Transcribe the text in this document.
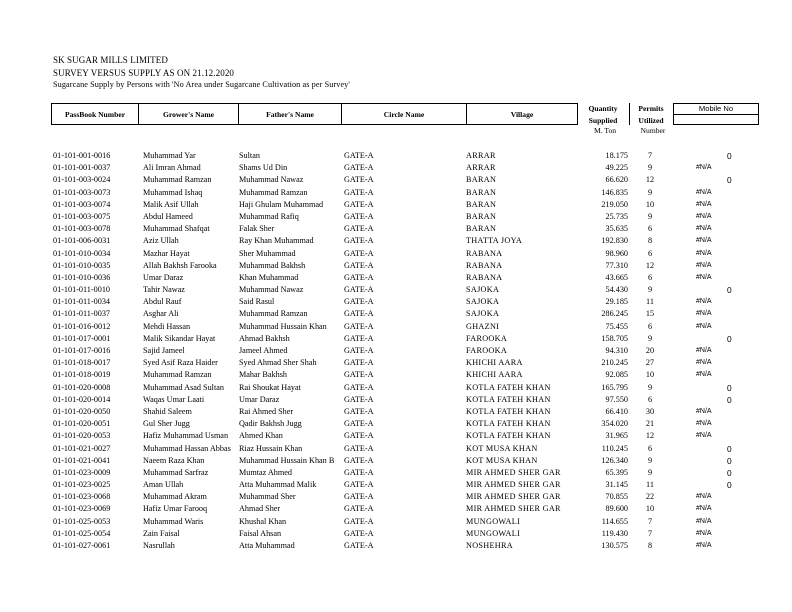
SK SUGAR MILLS LIMITED
SURVEY VERSUS SUPPLY AS ON 21.12.2020
Sugarcane Supply by Persons with 'No Area under Sugarcane Cultivation as per Survey'
PassBook Number	Grower's Name	Father's Name	Circle Name	Village
Quantity
Supplied
Permits
Utilized
Mobile No
M. Ton	Number
01-101-001-0016	Muhammad Yar	Sultan	GATE-A	ARRAR	18.175	7	0
01-101-001-0037	Ali Imran Ahmad	Shams Ud Din	GATE-A	ARRAR	49.225	9	#N/A
01-101-003-0024	Muhammad Ramzan	Muhammad Nawaz	GATE-A	BARAN	66.620	12	0
01-101-003-0073	Muhammad Ishaq	Muhammad Ramzan	GATE-A	BARAN	146.835	9	#N/A
01-101-003-0074	Malik Asif Ullah	Haji Ghulam Muhammad	GATE-A	BARAN	219.050	10	#N/A
01-101-003-0075	Abdul Hameed	Muhammad Rafiq	GATE-A	BARAN	25.735	9	#N/A
01-101-003-0078	Muhammad Shafqat	Falak Sher	GATE-A	BARAN	35.635	6	#N/A
01-101-006-0031	Aziz Ullah	Ray Khan Muhammad	GATE-A	THATTA JOYA	192.830	8	#N/A
01-101-010-0034	Mazhar Hayat	Sher Muhammad	GATE-A	RABANA	98.960	6	#N/A
01-101-010-0035	Allah Bakhsh Farooka	Muhammad Bakhsh	GATE-A	RABANA	77.310	12	#N/A
01-101-010-0036	Umar Daraz	Khan Muhammad	GATE-A	RABANA	43.665	6	#N/A
01-101-011-0010	Tahir Nawaz	Muhammad Nawaz	GATE-A	SAJOKA	54.430	9	0
01-101-011-0034	Abdul Rauf	Said Rasul	GATE-A	SAJOKA	29.185	11	#N/A
01-101-011-0037	Asghar Ali	Muhammad Ramzan	GATE-A	SAJOKA	286.245	15	#N/A
01-101-016-0012	Mehdi Hassan	Muhammad Hussain Khan	GATE-A	GHAZNI	75.455	6	#N/A
01-101-017-0001	Malik Sikandar Hayat	Ahmad Bakhsh	GATE-A	FAROOKA	158.705	9	0
01-101-017-0016	Sajid Jameel	Jameel Ahmed	GATE-A	FAROOKA	94.310	20	#N/A
01-101-018-0017	Syed Asif Raza Haider	Syed Ahmad Sher Shah	GATE-A	KHICHI AARA	210.245	27	#N/A
01-101-018-0019	Muhammad Ramzan	Mahar Bakhsh	GATE-A	KHICHI AARA	92.085	10	#N/A
01-101-020-0008	Muhammad Asad Sultan	Rai Shoukat Hayat	GATE-A	KOTLA FATEH KHAN	165.795	9	0
01-101-020-0014	Waqas Umar Laati	Umar Daraz	GATE-A	KOTLA FATEH KHAN	97.550	6	0
01-101-020-0050	Shahid Saleem	Rai Ahmed Sher	GATE-A	KOTLA FATEH KHAN	66.410	30	#N/A
01-101-020-0051	Gul Sher Jugg	Qadir Bakhsh Jugg	GATE-A	KOTLA FATEH KHAN	354.020	21	#N/A
01-101-020-0053	Hafiz Muhammad Usman	Ahmed Khan	GATE-A	KOTLA FATEH KHAN	31.965	12	#N/A
01-101-021-0027	Muhammad Hassan Abbas	Riaz Hussain Khan	GATE-A	KOT MUSA KHAN	110.245	6	0
01-101-021-0041	Naeem Raza Khan	Muhammad Hussain Khan B	GATE-A	KOT MUSA KHAN	126.340	9	0
01-101-023-0009	Muhammad Sarfraz	Mumtaz Ahmed	GATE-A	MIR AHMED SHER GAR	65.395	9	0
01-101-023-0025	Aman Ullah	Atta Muhammad Malik	GATE-A	MIR AHMED SHER GAR	31.145	11	0
01-101-023-0068	Muhammad Akram	Muhammad Sher	GATE-A	MIR AHMED SHER GAR	70.855	22	#N/A
01-101-023-0069	Hafiz Umar Farooq	Ahmad Sher	GATE-A	MIR AHMED SHER GAR	89.600	10	#N/A
01-101-025-0053	Muhammad Waris	Khushal Khan	GATE-A	MUNGOWALI	114.655	7	#N/A
01-101-025-0054	Zain Faisal	Faisal Ahsan	GATE-A	MUNGOWALI	119.430	7	#N/A
01-101-027-0061	Nasrullah	Atta Muhammad	GATE-A	NOSHEHRA	130.575	8	#N/A
